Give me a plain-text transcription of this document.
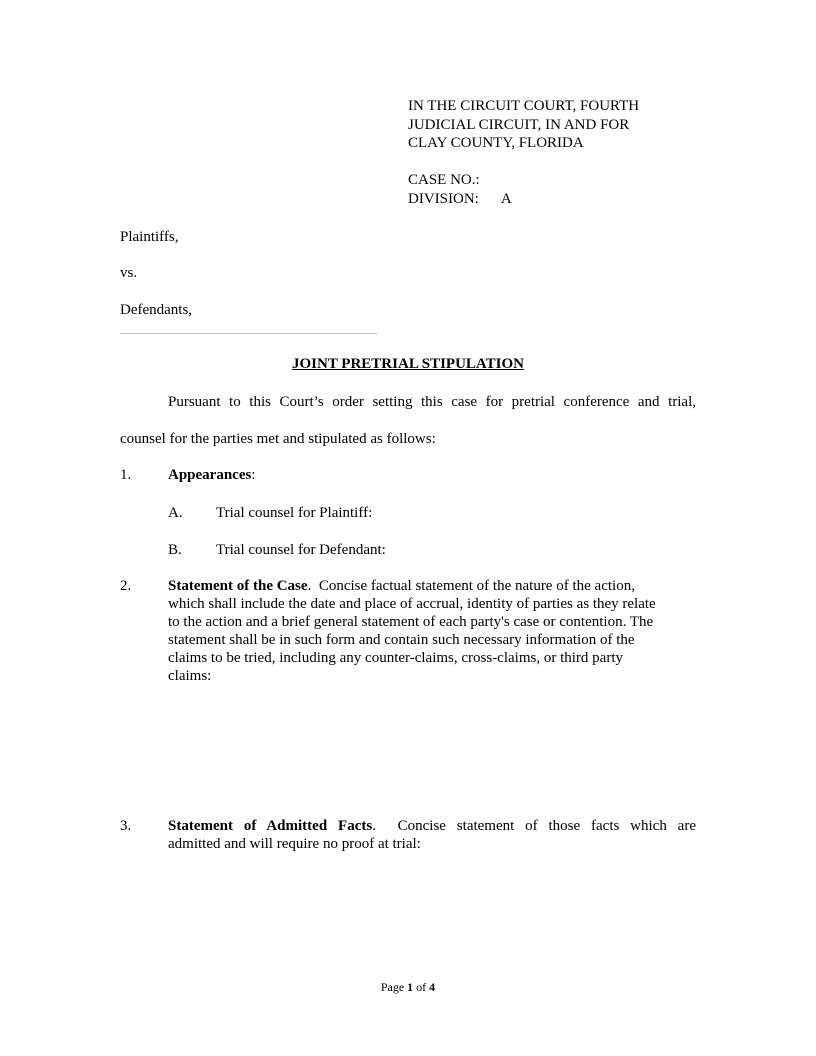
IN THE CIRCUIT COURT, FOURTH
JUDICIAL CIRCUIT, IN AND FOR
CLAY COUNTY, FLORIDA
CASE NO.:
DIVISION: A
Plaintiffs,
vs.
Defendants,
JOINT PRETRIAL STIPULATION
Pursuant to this Court’s order setting this case for pretrial conference and trial,
counsel for the parties met and stipulated as follows:
1.	Appearances:
A. Trial counsel for Plaintiff:
B. Trial counsel for Defendant:
2.	Statement of the Case. Concise factual statement of the nature of the action,
which shall include the date and place of accrual, identity of parties as they relate
to the action and a brief general statement of each party's case or contention. The
statement shall be in such form and contain such necessary information of the
claims to be tried, including any counter-claims, cross-claims, or third party
claims:
3.	Statement of Admitted Facts. Concise statement of those facts which are
admitted and will require no proof at trial:
Page 1 of 4
